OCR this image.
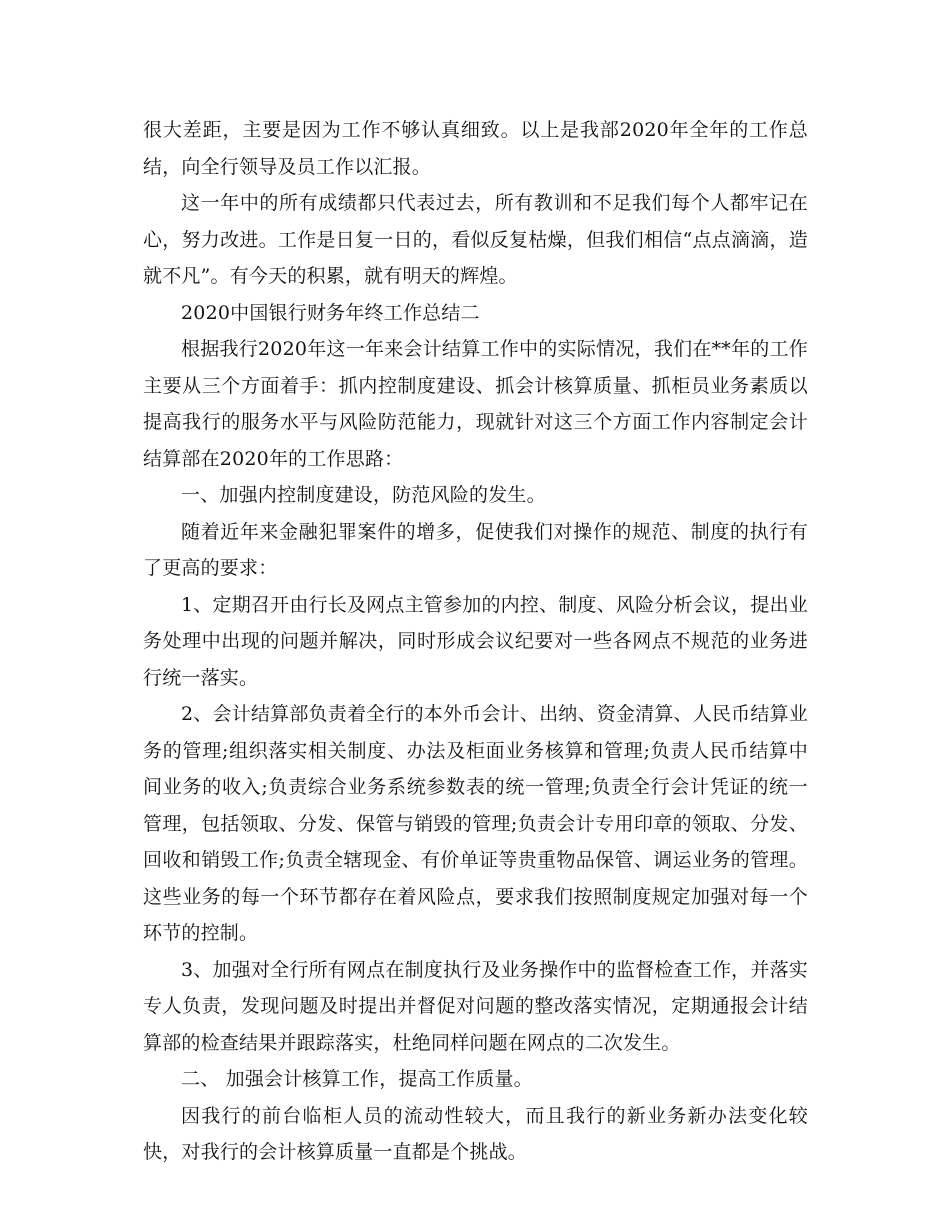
很大差距，主要是因为工作不够认真细致。以上是我部2020年全年的工作总结，向全行领导及员工作以汇报。

这一年中的所有成绩都只代表过去，所有教训和不足我们每个人都牢记在心，努力改进。工作是日复一日的，看似反复枯燥，但我们相信“点点滴滴，造就不凡”。有今天的积累，就有明天的辉煌。

2020中国银行财务年终工作总结二

根据我行2020年这一年来会计结算工作中的实际情况，我们在**年的工作主要从三个方面着手：抓内控制度建设、抓会计核算质量、抓柜员业务素质以提高我行的服务水平与风险防范能力，现就针对这三个方面工作内容制定会计结算部在2020年的工作思路：

一、加强内控制度建设，防范风险的发生。

随着近年来金融犯罪案件的增多，促使我们对操作的规范、制度的执行有了更高的要求：

1、定期召开由行长及网点主管参加的内控、制度、风险分析会议，提出业务处理中出现的问题并解决，同时形成会议纪要对一些各网点不规范的业务进行统一落实。

2、会计结算部负责着全行的本外币会计、出纳、资金清算、人民币结算业务的管理;组织落实相关制度、办法及柜面业务核算和管理;负责人民币结算中间业务的收入;负责综合业务系统参数表的统一管理;负责全行会计凭证的统一管理，包括领取、分发、保管与销毁的管理;负责会计专用印章的领取、分发、回收和销毁工作;负责全辖现金、有价单证等贵重物品保管、调运业务的管理。这些业务的每一个环节都存在着风险点，要求我们按照制度规定加强对每一个环节的控制。

3、加强对全行所有网点在制度执行及业务操作中的监督检查工作，并落实专人负责，发现问题及时提出并督促对问题的整改落实情况，定期通报会计结算部的检查结果并跟踪落实，杜绝同样问题在网点的二次发生。

二、 加强会计核算工作，提高工作质量。

因我行的前台临柜人员的流动性较大，而且我行的新业务新办法变化较快，对我行的会计核算质量一直都是个挑战。
